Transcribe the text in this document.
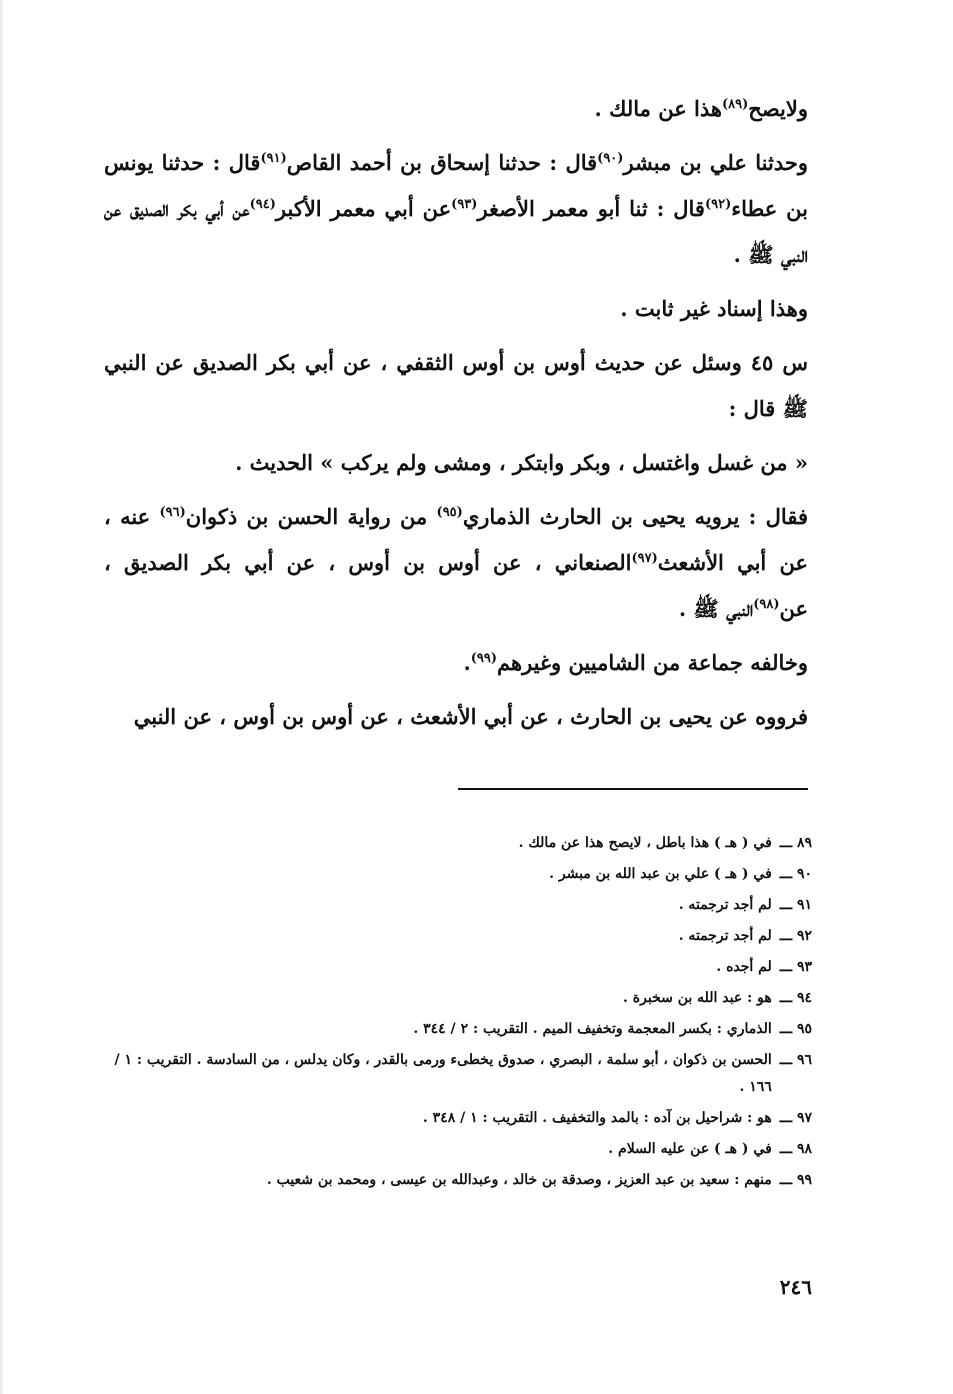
ولايصح$^{(٨٩)}$هذا عن مالك .

وحدثنا علي بن مبشر$^{(٩٠)}$قال : حدثنا إسحاق بن أحمد القاص$^{(٩١)}$قال : حدثنا يونس بن عطاء$^{(٩٢)}$قال : ثنا أبو معمر الأصغر$^{(٩٣)}$عن أبي معمر الأكبر$^{(٩٤)}$عن أبي بكر الصديق عن النبي ﷺ .

وهذا إسناد غير ثابت .

س ٤٥ وسئل عن حديث أوس بن أوس الثقفي ، عن أبي بكر الصديق عن النبي ﷺ قال :

« من غسل واغتسل ، وبكر وابتكر ، ومشى ولم يركب » الحديث .

فقال : يرويه يحيى بن الحارث الذماري$^{(٩٥)}$ من رواية الحسن بن ذكوان$^{(٩٦)}$ عنه ، عن أبي الأشعث$^{(٩٧)}$الصنعاني ، عن أوس بن أوس ، عن أبي بكر الصديق ، عن$^{(٩٨)}$النبي ﷺ .

وخالفه جماعة من الشاميين وغيرهم$^{(٩٩)}$.

فرووه عن يحيى بن الحارث ، عن أبي الأشعث ، عن أوس بن أوس ، عن النبي

٨٩ ـــ
في ( هـ ) هذا باطل ، لايصح هذا عن مالك .
٩٠ ـــ
في ( هـ ) علي بن عبد الله بن مبشر .
٩١ ـــ
لم أجد ترجمته .
٩٢ ـــ
لم أجد ترجمته .
٩٣ ـــ
لم أجده .
٩٤ ـــ
هو : عبد الله بن سخبرة .
٩٥ ـــ
الذماري : بكسر المعجمة وتخفيف الميم . التقريب : ٢ / ٣٤٤ .
٩٦ ـــ
الحسن بن ذكوان ، أبو سلمة ، البصري ، صدوق يخطىء ورمى بالقدر ، وكان يدلس ، من السادسة . التقريب : ١ / ١٦٦ .
٩٧ ـــ
هو : شراحيل بن آده : بالمد والتخفيف . التقريب : ١ / ٣٤٨ .
٩٨ ـــ
في ( هـ ) عن عليه السلام .
٩٩ ـــ
منهم : سعيد بن عبد العزيز ، وصدقة بن خالد ، وعبدالله بن عيسى ، ومحمد بن شعيب .
٢٤٦
